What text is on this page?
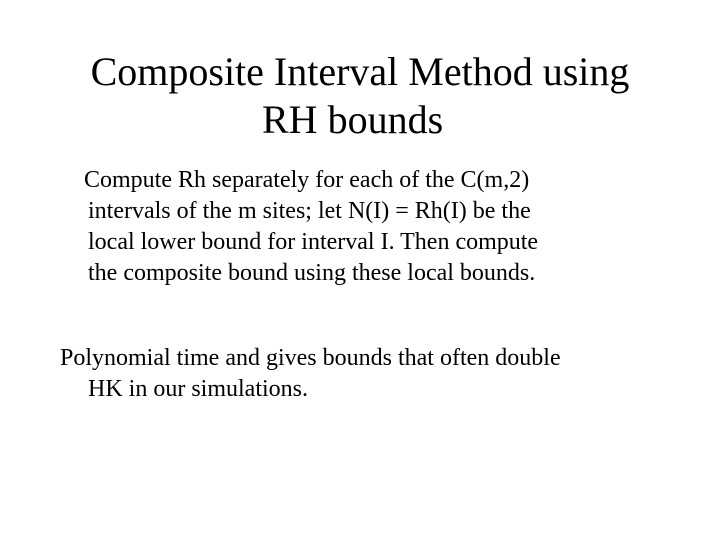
Composite Interval Method using
RH bounds
Compute Rh separately for each of the C(m,2)
intervals of the m sites; let N(I) = Rh(I) be the
local lower bound for interval I. Then compute
the composite bound using these local bounds.
Polynomial time and gives bounds that often double
HK in our simulations.
